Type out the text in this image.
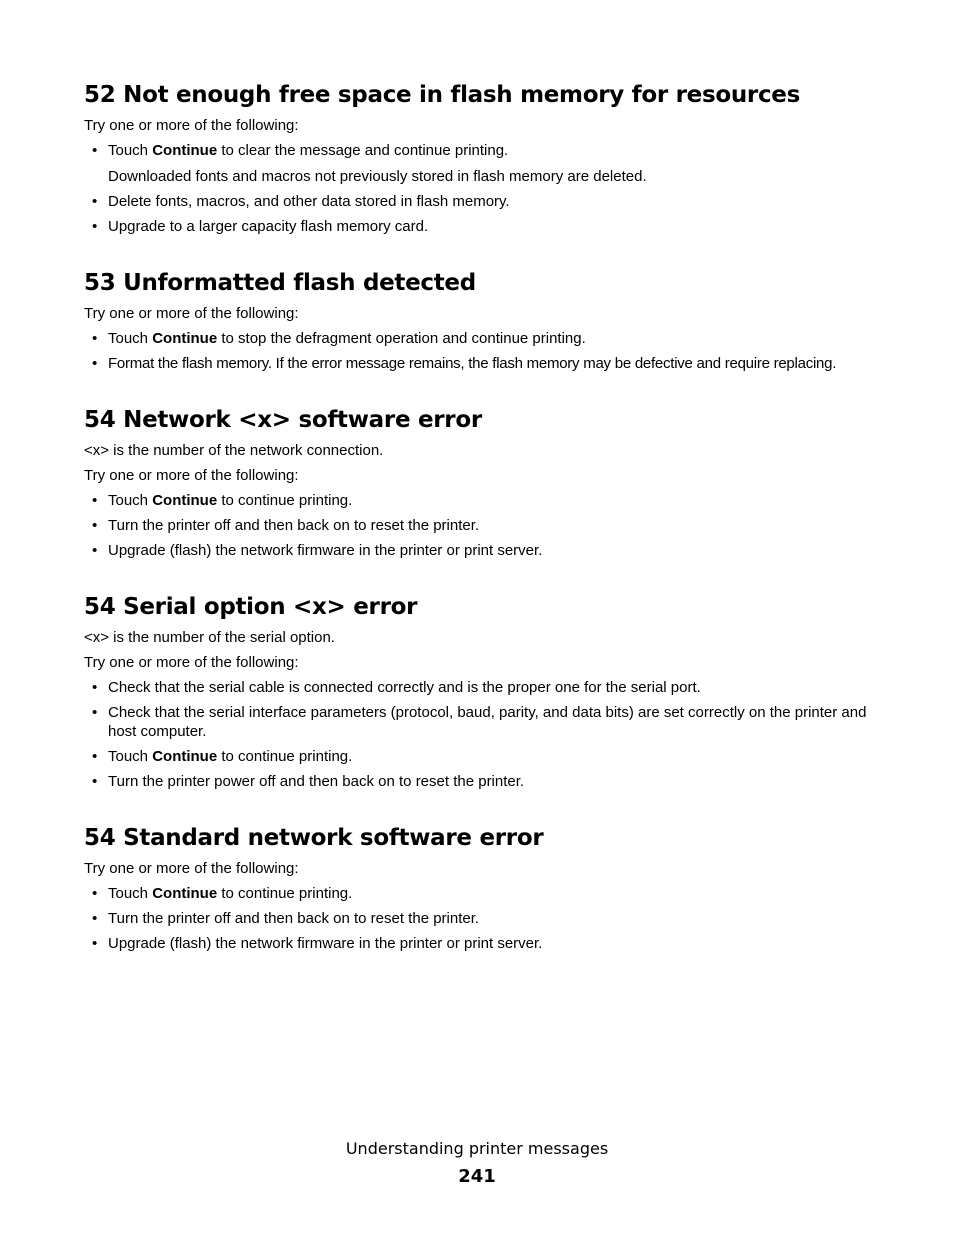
52 Not enough free space in flash memory for resources

Try one or more of the following:

• Touch Continue to clear the message and continue printing.
Downloaded fonts and macros not previously stored in flash memory are deleted.
• Delete fonts, macros, and other data stored in flash memory.
• Upgrade to a larger capacity flash memory card.
53 Unformatted flash detected

Try one or more of the following:

• Touch Continue to stop the defragment operation and continue printing.
• Format the flash memory. If the error message remains, the flash memory may be defective and require replacing.
54 Network <x> software error

<x> is the number of the network connection.

Try one or more of the following:

• Touch Continue to continue printing.
• Turn the printer off and then back on to reset the printer.
• Upgrade (flash) the network firmware in the printer or print server.
54 Serial option <x> error

<x> is the number of the serial option.

Try one or more of the following:

• Check that the serial cable is connected correctly and is the proper one for the serial port.
• Check that the serial interface parameters (protocol, baud, parity, and data bits) are set correctly on the printer and host computer.
• Touch Continue to continue printing.
• Turn the printer power off and then back on to reset the printer.
54 Standard network software error

Try one or more of the following:

• Touch Continue to continue printing.
• Turn the printer off and then back on to reset the printer.
• Upgrade (flash) the network firmware in the printer or print server.
Understanding printer messages
241
